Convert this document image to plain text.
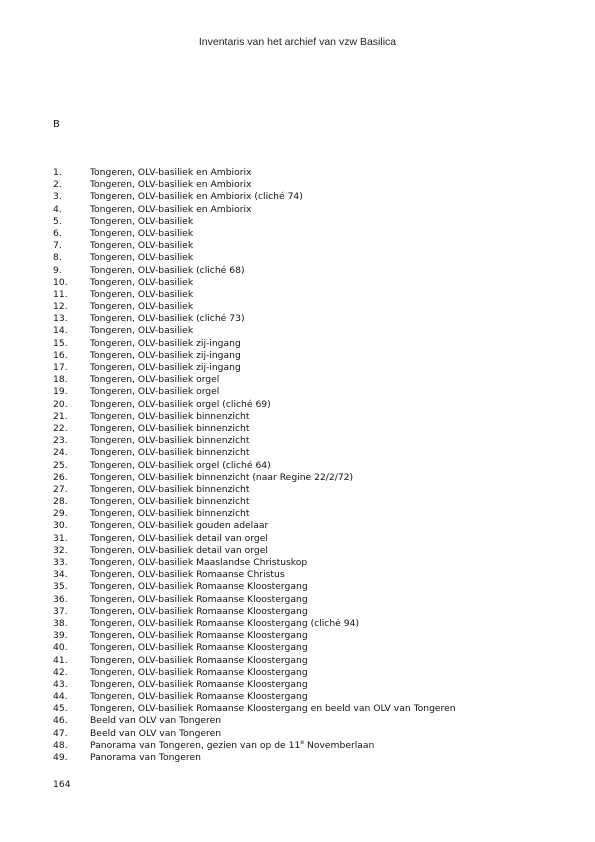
Inventaris van het archief van vzw Basilica
B
1.	Tongeren, OLV-basiliek en Ambiorix
2.	Tongeren, OLV-basiliek en Ambiorix
3.	Tongeren, OLV-basiliek en Ambiorix (cliché 74)
4.	Tongeren, OLV-basiliek en Ambiorix
5.	Tongeren, OLV-basiliek
6.	Tongeren, OLV-basiliek
7.	Tongeren, OLV-basiliek
8.	Tongeren, OLV-basiliek
9.	Tongeren, OLV-basiliek (cliché 68)
10.	Tongeren, OLV-basiliek
11.	Tongeren, OLV-basiliek
12.	Tongeren, OLV-basiliek
13.	Tongeren, OLV-basiliek (cliché 73)
14.	Tongeren, OLV-basiliek
15.	Tongeren, OLV-basiliek zij-ingang
16.	Tongeren, OLV-basiliek zij-ingang
17.	Tongeren, OLV-basiliek zij-ingang
18.	Tongeren, OLV-basiliek orgel
19.	Tongeren, OLV-basiliek orgel
20.	Tongeren, OLV-basiliek orgel (cliché 69)
21.	Tongeren, OLV-basiliek binnenzicht
22.	Tongeren, OLV-basiliek binnenzicht
23.	Tongeren, OLV-basiliek binnenzicht
24.	Tongeren, OLV-basiliek binnenzicht
25.	Tongeren, OLV-basiliek orgel (cliché 64)
26.	Tongeren, OLV-basiliek binnenzicht (naar Regine 22/2/72)
27.	Tongeren, OLV-basiliek binnenzicht
28.	Tongeren, OLV-basiliek binnenzicht
29.	Tongeren, OLV-basiliek binnenzicht
30.	Tongeren, OLV-basiliek gouden adelaar
31.	Tongeren, OLV-basiliek detail van orgel
32.	Tongeren, OLV-basiliek detail van orgel
33.	Tongeren, OLV-basiliek Maaslandse Christuskop
34.	Tongeren, OLV-basiliek Romaanse Christus
35.	Tongeren, OLV-basiliek Romaanse Kloostergang
36.	Tongeren, OLV-basiliek Romaanse Kloostergang
37.	Tongeren, OLV-basiliek Romaanse Kloostergang
38.	Tongeren, OLV-basiliek Romaanse Kloostergang (cliché 94)
39.	Tongeren, OLV-basiliek Romaanse Kloostergang
40.	Tongeren, OLV-basiliek Romaanse Kloostergang
41.	Tongeren, OLV-basiliek Romaanse Kloostergang
42.	Tongeren, OLV-basiliek Romaanse Kloostergang
43.	Tongeren, OLV-basiliek Romaanse Kloostergang
44.	Tongeren, OLV-basiliek Romaanse Kloostergang
45.	Tongeren, OLV-basiliek Romaanse Kloostergang en beeld van OLV van Tongeren
46.	Beeld van OLV van Tongeren
47.	Beeld van OLV van Tongeren
48.	Panorama van Tongeren, gezien van op de 11e Novemberlaan
49.	Panorama van Tongeren
164
